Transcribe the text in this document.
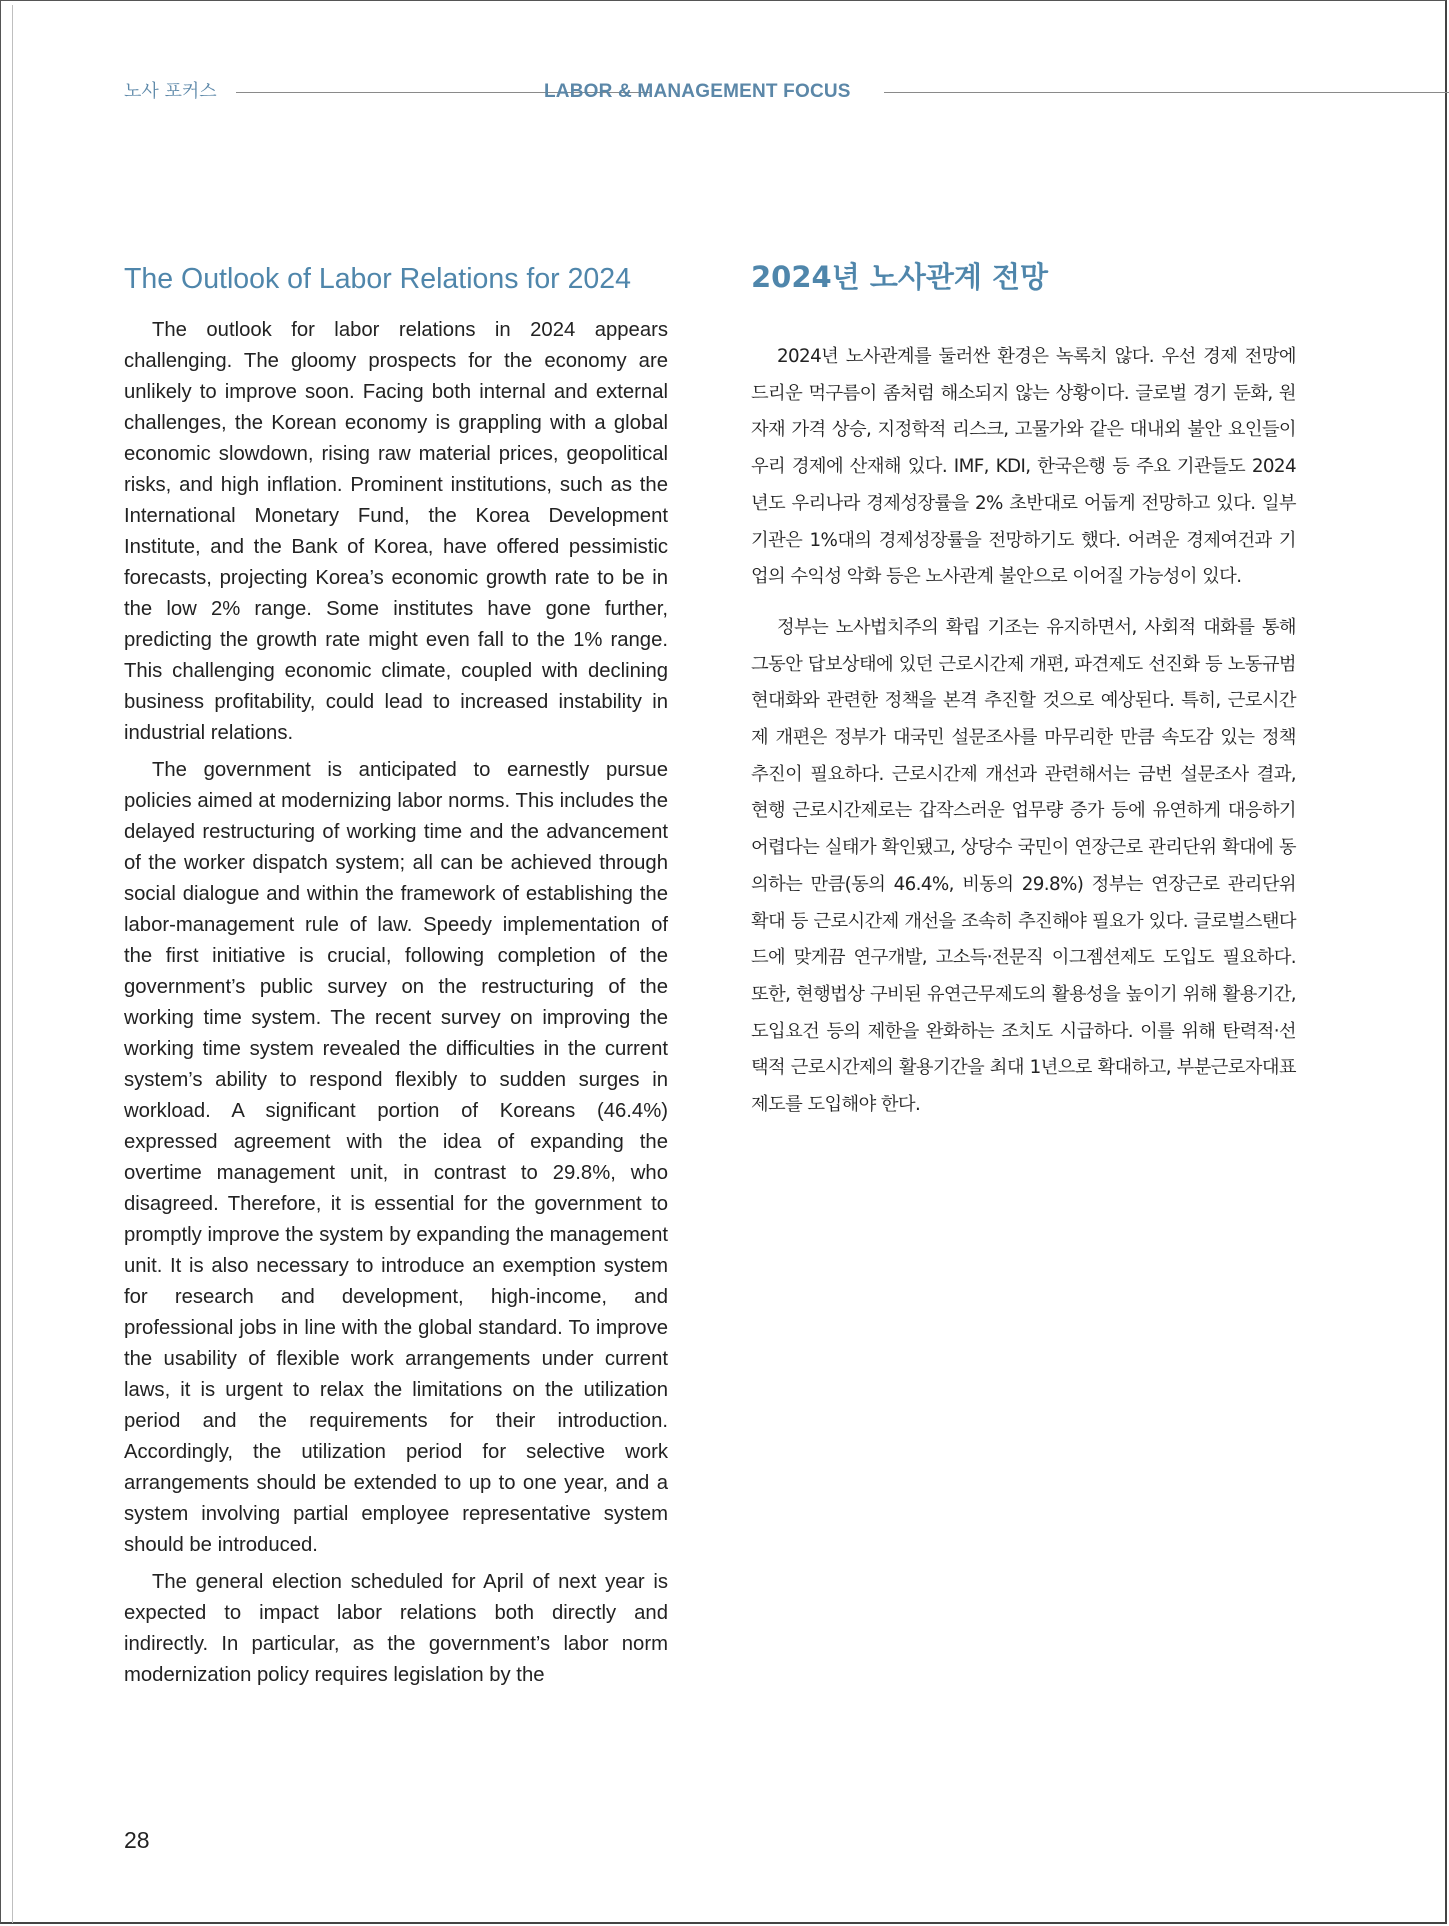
노사 포커스	LABOR & MANAGEMENT FOCUS
The Outlook of Labor Relations for 2024

The outlook for labor relations in 2024 appears challenging. The gloomy prospects for the economy are unlikely to improve soon. Facing both internal and external challenges, the Korean economy is grappling with a global economic slowdown, rising raw material prices, geopolitical risks, and high inflation. Prominent institutions, such as the International Monetary Fund, the Korea Development Institute, and the Bank of Korea, have offered pessimistic forecasts, projecting Korea’s economic growth rate to be in the low 2% range. Some institutes have gone further, predicting the growth rate might even fall to the 1% range. This challenging economic climate, coupled with declining business profitability, could lead to increased instability in industrial relations.

The government is anticipated to earnestly pursue policies aimed at modernizing labor norms. This includes the delayed restructuring of working time and the advancement of the worker dispatch system; all can be achieved through social dialogue and within the framework of establishing the labor-management rule of law. Speedy implementation of the first initiative is crucial, following completion of the government’s public survey on the restructuring of the working time system. The recent survey on improving the working time system revealed the difficulties in the current system’s ability to respond flexibly to sudden surges in workload. A significant portion of Koreans (46.4%) expressed agreement with the idea of expanding the overtime management unit, in contrast to 29.8%, who disagreed. Therefore, it is essential for the government to promptly improve the system by expanding the management unit. It is also necessary to introduce an exemption system for research and development, high-income, and professional jobs in line with the global standard. To improve the usability of flexible work arrangements under current laws, it is urgent to relax the limitations on the utilization period and the requirements for their introduction. Accordingly, the utilization period for selective work arrangements should be extended to up to one year, and a system involving partial employee representative system should be introduced.

The general election scheduled for April of next year is expected to impact labor relations both directly and indirectly. In particular, as the government’s labor norm modernization policy requires legislation by the

2024년 노사관계 전망

2024년 노사관계를 둘러싼 환경은 녹록치 않다. 우선 경제 전망에 드리운 먹구름이 좀처럼 해소되지 않는 상황이다. 글로벌 경기 둔화, 원자재 가격 상승, 지정학적 리스크, 고물가와 같은 대내외 불안 요인들이 우리 경제에 산재해 있다. IMF, KDI, 한국은행 등 주요 기관들도 2024년도 우리나라 경제성장률을 2% 초반대로 어둡게 전망하고 있다. 일부 기관은 1%대의 경제성장률을 전망하기도 했다. 어려운 경제여건과 기업의 수익성 악화 등은 노사관계 불안으로 이어질 가능성이 있다.

정부는 노사법치주의 확립 기조는 유지하면서, 사회적 대화를 통해 그동안 답보상태에 있던 근로시간제 개편, 파견제도 선진화 등 노동규범 현대화와 관련한 정책을 본격 추진할 것으로 예상된다. 특히, 근로시간제 개편은 정부가 대국민 설문조사를 마무리한 만큼 속도감 있는 정책 추진이 필요하다. 근로시간제 개선과 관련해서는 금번 설문조사 결과, 현행 근로시간제로는 갑작스러운 업무량 증가 등에 유연하게 대응하기 어렵다는 실태가 확인됐고, 상당수 국민이 연장근로 관리단위 확대에 동의하는 만큼(동의 46.4%, 비동의 29.8%) 정부는 연장근로 관리단위 확대 등 근로시간제 개선을 조속히 추진해야 필요가 있다. 글로벌스탠다드에 맞게끔 연구개발, 고소득·전문직 이그젬션제도 도입도 필요하다. 또한, 현행법상 구비된 유연근무제도의 활용성을 높이기 위해 활용기간, 도입요건 등의 제한을 완화하는 조치도 시급하다. 이를 위해 탄력적·선택적 근로시간제의 활용기간을 최대 1년으로 확대하고, 부분근로자대표제도를 도입해야 한다.

28
